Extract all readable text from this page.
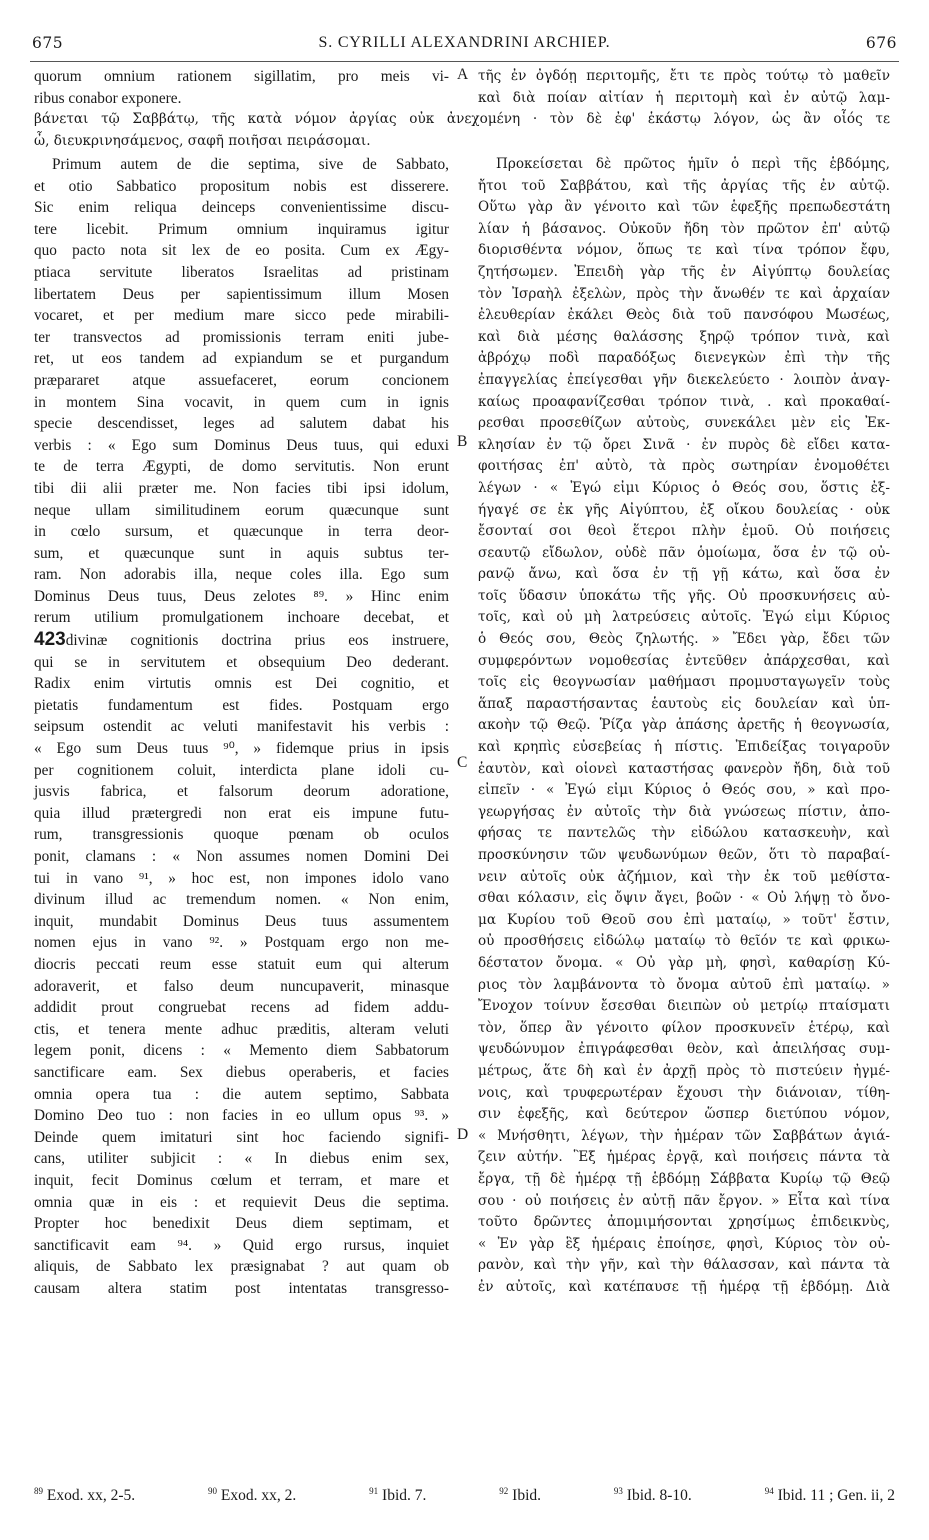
675	S. CYRILLI ALEXANDRINI ARCHIEP.	676

quorum omnium rationem sigillatim, pro meis vi-

ribus conabor exponere.

τῆς ἐν ὀγδόῃ περιτομῆς, ἔτι τε πρὸς τούτῳ τὸ μαθεῖν

καὶ διὰ ποίαν αἰτίαν ἡ περιτομὴ καὶ ἐν αὐτῷ λαμ-

βάνεται τῷ Σαββάτῳ, τῆς κατὰ νόμον ἀργίας οὐκ ἀνεχομένη · τὸν δὲ ἐφ' ἑκάστῳ λόγον, ὡς ἂν οἷός τε
ὦ, διευκρινησάμενος, σαφῆ ποιῆσαι πειράσομαι.

Primum autem de die septima, sive de Sabbato,

et otio Sabbatico propositum nobis est disserere.

Sic enim reliqua deinceps convenientissime discu-

tere licebit. Primum omnium inquiramus igitur

quo pacto nota sit lex de eo posita. Cum ex Ægy-

ptiaca servitute liberatos Israelitas ad pristinam

libertatem Deus per sapientissimum illum Mosen

vocaret, et per medium mare sicco pede mirabili-

ter transvectos ad promissionis terram eniti jube-

ret, ut eos tandem ad expiandum se et purgandum

præpararet atque assuefaceret, eorum concionem

in montem Sina vocavit, in quem cum in ignis

specie descendisset, leges ad salutem dabat his

verbis : « Ego sum Dominus Deus tuus, qui eduxi

te de terra Ægypti, de domo servitutis. Non erunt

tibi dii alii præter me. Non facies tibi ipsi idolum,

neque ullam similitudinem eorum quæcunque sunt

in cœlo sursum, et quæcunque in terra deor-

sum, et quæcunque sunt in aquis subtus ter-

ram. Non adorabis illa, neque coles illa. Ego sum

Dominus Deus tuus, Deus zelotes ⁸⁹. » Hinc enim

rerum utilium promulgationem inchoare decebat, et

423divinæ cognitionis doctrina prius eos instruere,

qui se in servitutem et obsequium Deo dederant.

Radix enim virtutis omnis est Dei cognitio, et

pietatis fundamentum est fides. Postquam ergo

seipsum ostendit ac veluti manifestavit his verbis :

« Ego sum Deus tuus ⁹⁰, » fidemque prius in ipsis

per cognitionem coluit, interdicta plane idoli cu-

jusvis fabrica, et falsorum deorum adoratione,

quia illud prætergredi non erat eis impune futu-

rum, transgressionis quoque pœnam ob oculos

ponit, clamans : « Non assumes nomen Domini Dei

tui in vano ⁹¹, » hoc est, non impones idolo vano

divinum illud ac tremendum nomen. « Non enim,

inquit, mundabit Dominus Deus tuus assumentem

nomen ejus in vano ⁹². » Postquam ergo non me-

diocris peccati reum esse statuit eum qui alterum

adoraverit, et falso deum nuncupaverit, minasque

addidit prout congruebat recens ad fidem addu-

ctis, et tenera mente adhuc præditis, alteram veluti

legem ponit, dicens : « Memento diem Sabbatorum

sanctificare eam. Sex diebus operaberis, et facies

omnia opera tua : die autem septimo, Sabbata

Domino Deo tuo : non facies in eo ullum opus ⁹³. »

Deinde quem imitaturi sint hoc faciendo signifi-

cans, utiliter subjicit : « In diebus enim sex,

inquit, fecit Dominus cœlum et terram, et mare et

omnia quæ in eis : et requievit Deus die septima.

Propter hoc benedixit Deus diem septimam, et

sanctificavit eam ⁹⁴. » Quid ergo rursus, inquiet

aliquis, de Sabbato lex præsignabat ? aut quam ob

causam altera statim post intentatas transgresso-

Προκείσεται δὲ πρῶτος ἡμῖν ὁ περὶ τῆς ἑβδόμης,

ἤτοι τοῦ Σαββάτου, καὶ τῆς ἀργίας τῆς ἐν αὐτῷ.

Οὕτω γὰρ ἂν γένοιτο καὶ τῶν ἑφεξῆς πρεπωδεστάτη

λίαν ἡ βάσανος. Οὐκοῦν ἤδη τὸν πρῶτον ἐπ' αὐτῷ

διορισθέντα νόμον, ὅπως τε καὶ τίνα τρόπον ἔφυ,

ζητήσωμεν. Ἐπειδὴ γὰρ τῆς ἐν Αἰγύπτῳ δουλείας

τὸν Ἰσραὴλ ἐξελὼν, πρὸς τὴν ἄνωθέν τε καὶ ἀρχαίαν

ἐλευθερίαν ἐκάλει Θεὸς διὰ τοῦ πανσόφου Μωσέως,

καὶ διὰ μέσης θαλάσσης ξηρῷ τρόπον τινὰ, καὶ

ἀβρόχῳ ποδὶ παραδόξως διενεγκὼν ἐπὶ τὴν τῆς

ἐπαγγελίας ἐπείγεσθαι γῆν διεκελεύετο · λοιπὸν ἀναγ-

καίως προαφανίζεσθαι τρόπον τινὰ, . καὶ προκαθαί-

ρεσθαι προσεθίζων αὐτοὺς, συνεκάλει μὲν εἰς Ἐκ-

κλησίαν ἐν τῷ ὄρει Σινᾶ · ἐν πυρὸς δὲ εἴδει κατα-

φοιτήσας ἐπ' αὐτὸ, τὰ πρὸς σωτηρίαν ἐνομοθέτει

λέγων · « Ἐγώ εἰμι Κύριος ὁ Θεός σου, ὅστις ἐξ-

ήγαγέ σε ἐκ γῆς Αἰγύπτου, ἐξ οἴκου δουλείας · οὐκ

ἔσονταί σοι θεοὶ ἕτεροι πλὴν ἐμοῦ. Οὐ ποιήσεις

σεαυτῷ εἴδωλον, οὐδὲ πᾶν ὁμοίωμα, ὅσα ἐν τῷ οὐ-

ρανῷ ἄνω, καὶ ὅσα ἐν τῇ γῇ κάτω, καὶ ὅσα ἐν

τοῖς ὕδασιν ὑποκάτω τῆς γῆς. Οὐ προσκυνήσεις αὐ-

τοῖς, καὶ οὐ μὴ λατρεύσεις αὐτοῖς. Ἐγώ εἰμι Κύριος

ὁ Θεός σου, Θεὸς ζηλωτής. » Ἔδει γὰρ, ἔδει τῶν

συμφερόντων νομοθεσίας ἐντεῦθεν ἀπάρχεσθαι, καὶ

τοῖς εἰς θεογνωσίαν μαθήμασι προμυσταγωγεῖν τοὺς

ἅπαξ παραστήσαντας ἑαυτοὺς εἰς δουλείαν καὶ ὑπ-

ακοὴν τῷ Θεῷ. Ῥίζα γὰρ ἁπάσης ἀρετῆς ἡ θεογνωσία,

καὶ κρηπὶς εὐσεβείας ἡ πίστις. Ἐπιδείξας τοιγαροῦν

ἑαυτὸν, καὶ οἱονεὶ καταστήσας φανερὸν ἤδη, διὰ τοῦ

εἰπεῖν · « Ἐγώ εἰμι Κύριος ὁ Θεός σου, » καὶ προ-

γεωργήσας ἐν αὐτοῖς τὴν διὰ γνώσεως πίστιν, ἀπο-

φήσας τε παντελῶς τὴν εἰδώλου κατασκευὴν, καὶ

προσκύνησιν τῶν ψευδωνύμων θεῶν, ὅτι τὸ παραβαί-

νειν αὐτοῖς οὐκ ἀζήμιον, καὶ τὴν ἐκ τοῦ μεθίστα-

σθαι κόλασιν, εἰς ὄψιν ἄγει, βοῶν · « Οὐ λήψῃ τὸ ὄνο-

μα Κυρίου τοῦ Θεοῦ σου ἐπὶ ματαίῳ, » τοῦτ' ἔστιν,

οὐ προσθήσεις εἰδώλῳ ματαίῳ τὸ θεῖόν τε καὶ φρικω-

δέστατον ὄνομα. « Οὐ γὰρ μὴ, φησὶ, καθαρίσῃ Κύ-

ριος τὸν λαμβάνοντα τὸ ὄνομα αὐτοῦ ἐπὶ ματαίῳ. »

Ἔνοχον τοίνυν ἔσεσθαι διειπὼν οὐ μετρίῳ πταίσματι

τὸν, ὅπερ ἂν γένοιτο φίλον προσκυνεῖν ἑτέρῳ, καὶ

ψευδώνυμον ἐπιγράφεσθαι θεὸν, καὶ ἀπειλήσας συμ-

μέτρως, ἅτε δὴ καὶ ἐν ἀρχῇ πρὸς τὸ πιστεύειν ἠγμέ-

νοις, καὶ τρυφερωτέραν ἔχουσι τὴν διάνοιαν, τίθη-

σιν ἐφεξῆς, καὶ δεύτερον ὥσπερ διετύπου νόμον,

« Μνήσθητι, λέγων, τὴν ἡμέραν τῶν Σαββάτων ἁγιά-

ζειν αὐτήν. Ἓξ ἡμέρας ἐργᾷ, καὶ ποιήσεις πάντα τὰ

ἔργα, τῇ δὲ ἡμέρᾳ τῇ ἑβδόμῃ Σάββατα Κυρίῳ τῷ Θεῷ

σου · οὐ ποιήσεις ἐν αὐτῇ πᾶν ἔργον. » Εἶτα καὶ τίνα

τοῦτο δρῶντες ἀπομιμήσονται χρησίμως ἐπιδεικνὺς,

« Ἐν γὰρ ἓξ ἡμέραις ἐποίησε, φησὶ, Κύριος τὸν οὐ-

ρανὸν, καὶ τὴν γῆν, καὶ τὴν θάλασσαν, καὶ πάντα τὰ

ἐν αὐτοῖς, καὶ κατέπαυσε τῇ ἡμέρᾳ τῇ ἑβδόμῃ. Διὰ

A
B
C
D
$^{89}$ Exod. xx, 2-5.	$^{90}$ Exod. xx, 2.	$^{91}$ Ibid. 7.	$^{92}$ Ibid.	$^{93}$ Ibid. 8-10.	$^{94}$ Ibid. 11 ; Gen. ii, 2
